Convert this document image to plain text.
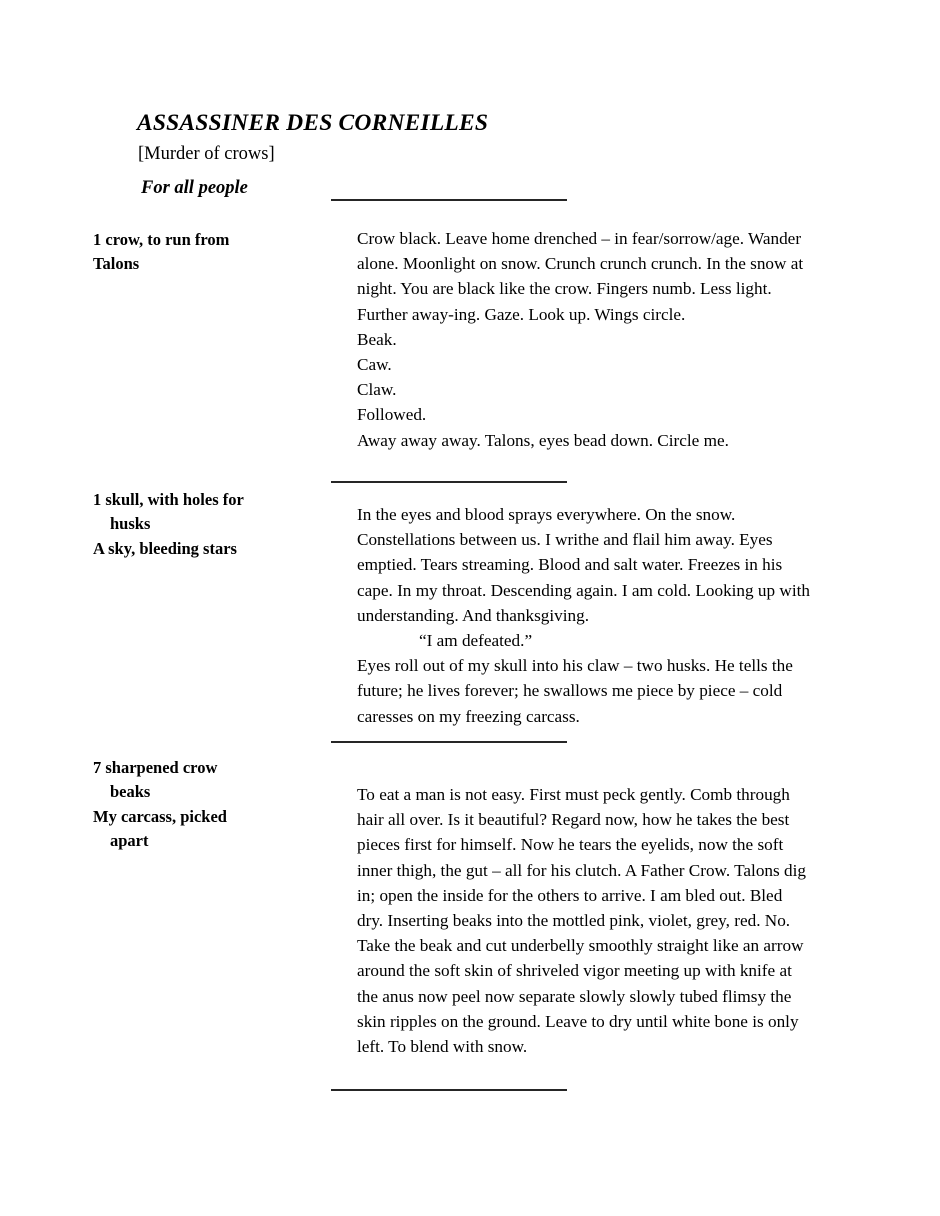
ASSASSINER DES CORNEILLES
[Murder of crows]
For all people
1 crow, to run from
Talons
Crow black. Leave home drenched – in fear/sorrow/age. Wander alone. Moonlight on snow. Crunch crunch crunch. In the snow at night. You are black like the crow. Fingers numb. Less light. Further away-ing. Gaze. Look up. Wings circle.
Beak.
Caw.
Claw.
Followed.
Away away away. Talons, eyes bead down. Circle me.
1 skull, with holes for
husks
A sky, bleeding stars
In the eyes and blood sprays everywhere. On the snow. Constellations between us. I writhe and flail him away. Eyes emptied. Tears streaming. Blood and salt water. Freezes in his cape. In my throat. Descending again. I am cold. Looking up with understanding. And thanksgiving.
“I am defeated.”
Eyes roll out of my skull into his claw – two husks. He tells the future; he lives forever; he swallows me piece by piece – cold caresses on my freezing carcass.
7 sharpened crow
beaks
My carcass, picked
apart
To eat a man is not easy. First must peck gently. Comb through hair all over. Is it beautiful? Regard now, how he takes the best pieces first for himself. Now he tears the eyelids, now the soft inner thigh, the gut – all for his clutch. A Father Crow. Talons dig in; open the inside for the others to arrive. I am bled out. Bled dry. Inserting beaks into the mottled pink, violet, grey, red. No. Take the beak and cut underbelly smoothly straight like an arrow around the soft skin of shriveled vigor meeting up with knife at the anus now peel now separate slowly slowly tubed flimsy the skin ripples on the ground. Leave to dry until white bone is only left. To blend with snow.
